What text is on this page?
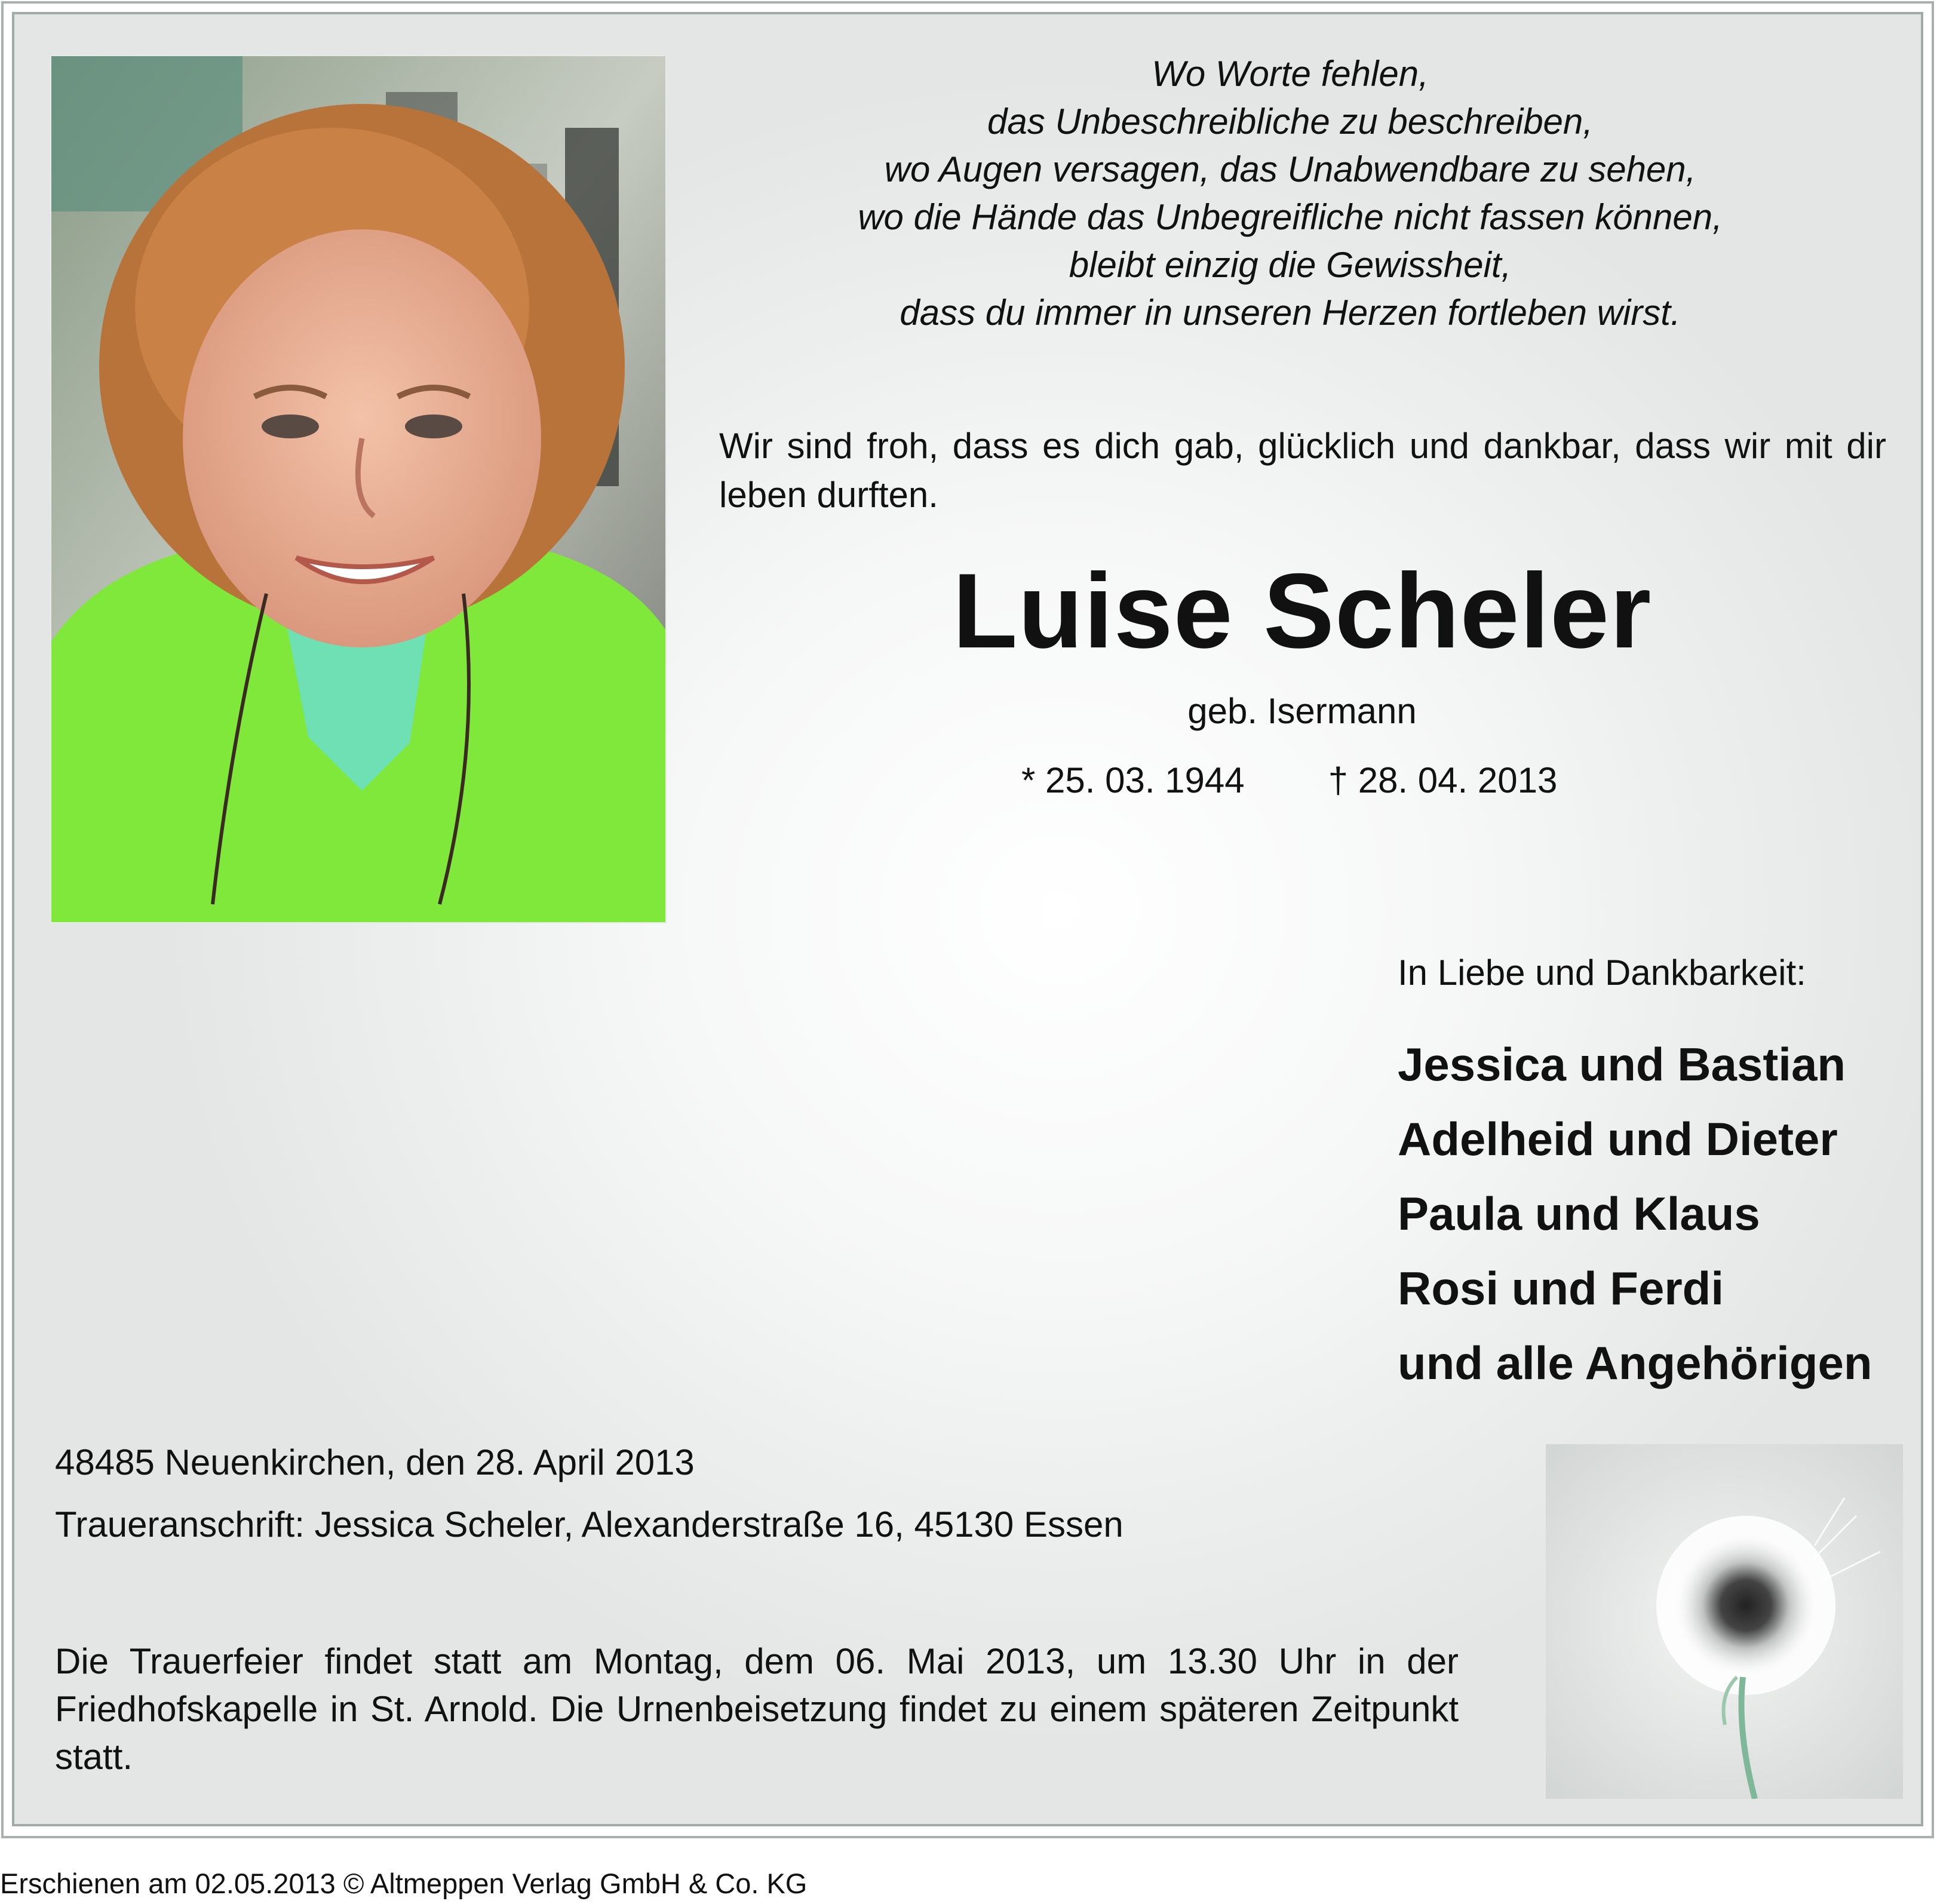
Wo Worte fehlen,
das Unbeschreibliche zu beschreiben,
wo Augen versagen, das Unabwendbare zu sehen,
wo die Hände das Unbegreifliche nicht fassen können,
bleibt einzig die Gewissheit,
dass du immer in unseren Herzen fortleben wirst.
Wir sind froh, dass es dich gab, glücklich und dankbar, dass wir mit dir leben durften.
Luise Scheler
geb. Isermann
* 25. 03. 1944 † 28. 04. 2013
In Liebe und Dankbarkeit:
Jessica und Bastian
Adelheid und Dieter
Paula und Klaus
Rosi und Ferdi
und alle Angehörigen
48485 Neuenkirchen, den 28. April 2013
Traueranschrift: Jessica Scheler, Alexanderstraße 16, 45130 Essen
Die Trauerfeier findet statt am Montag, dem 06. Mai 2013, um 13.30 Uhr in der Friedhofskapelle in St. Arnold. Die Urnenbeisetzung findet zu einem späteren Zeitpunkt statt.
Erschienen am 02.05.2013 © Altmeppen Verlag GmbH & Co. KG
